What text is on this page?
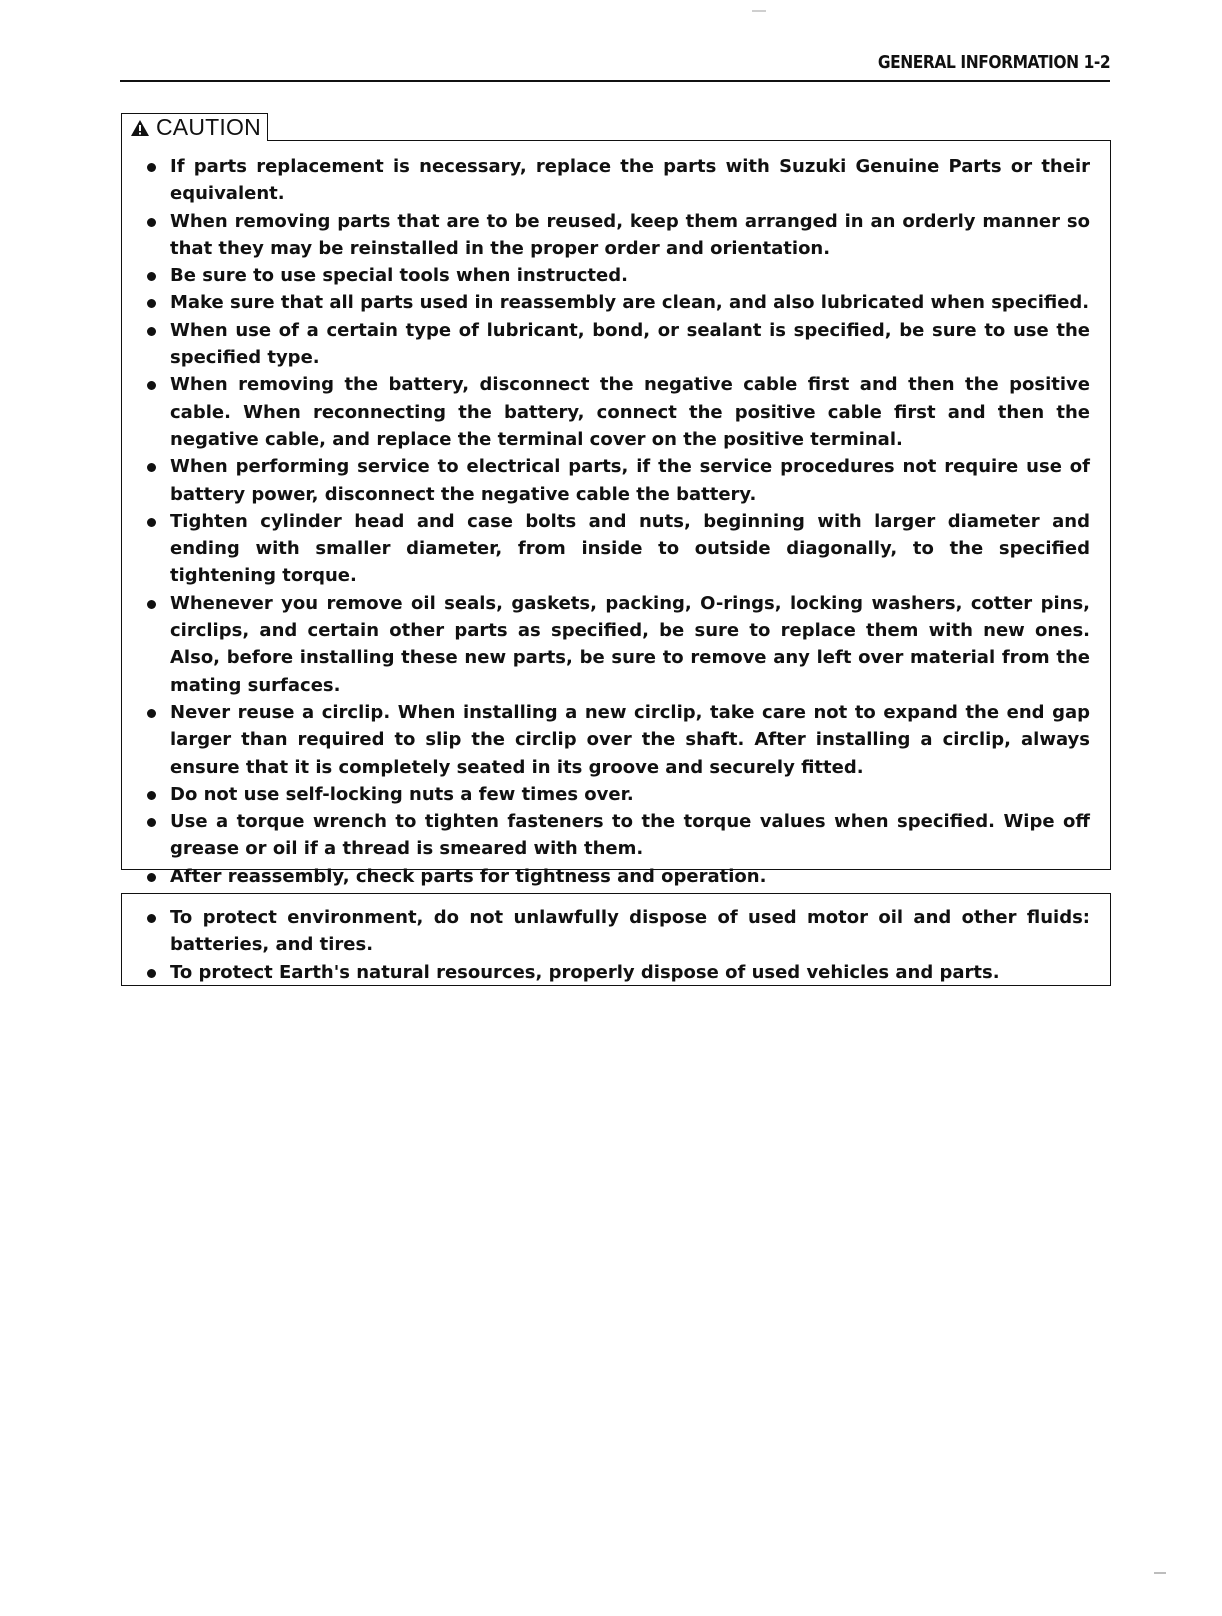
GENERAL INFORMATION 1-2
CAUTION
If parts replacement is necessary, replace the parts with Suzuki Genuine Parts or their equivalent.
When removing parts that are to be reused, keep them arranged in an orderly manner so that they may be reinstalled in the proper order and orientation.
Be sure to use special tools when instructed.
Make sure that all parts used in reassembly are clean, and also lubricated when specified.
When use of a certain type of lubricant, bond, or sealant is specified, be sure to use the specified type.
When removing the battery, disconnect the negative cable first and then the positive cable. When reconnecting the battery, connect the positive cable first and then the negative cable, and replace the terminal cover on the positive terminal.
When performing service to electrical parts, if the service procedures not require use of battery power, disconnect the negative cable the battery.
Tighten cylinder head and case bolts and nuts, beginning with larger diameter and ending with smaller diameter, from inside to outside diagonally, to the specified tightening torque.
Whenever you remove oil seals, gaskets, packing, O-rings, locking washers, cotter pins, circlips, and certain other parts as specified, be sure to replace them with new ones. Also, before installing these new parts, be sure to remove any left over material from the mating surfaces.
Never reuse a circlip. When installing a new circlip, take care not to expand the end gap larger than required to slip the circlip over the shaft. After installing a circlip, always ensure that it is completely seated in its groove and securely fitted.
Do not use self-locking nuts a few times over.
Use a torque wrench to tighten fasteners to the torque values when specified. Wipe off grease or oil if a thread is smeared with them.
After reassembly, check parts for tightness and operation.
To protect environment, do not unlawfully dispose of used motor oil and other fluids: batteries, and tires.
To protect Earth's natural resources, properly dispose of used vehicles and parts.
